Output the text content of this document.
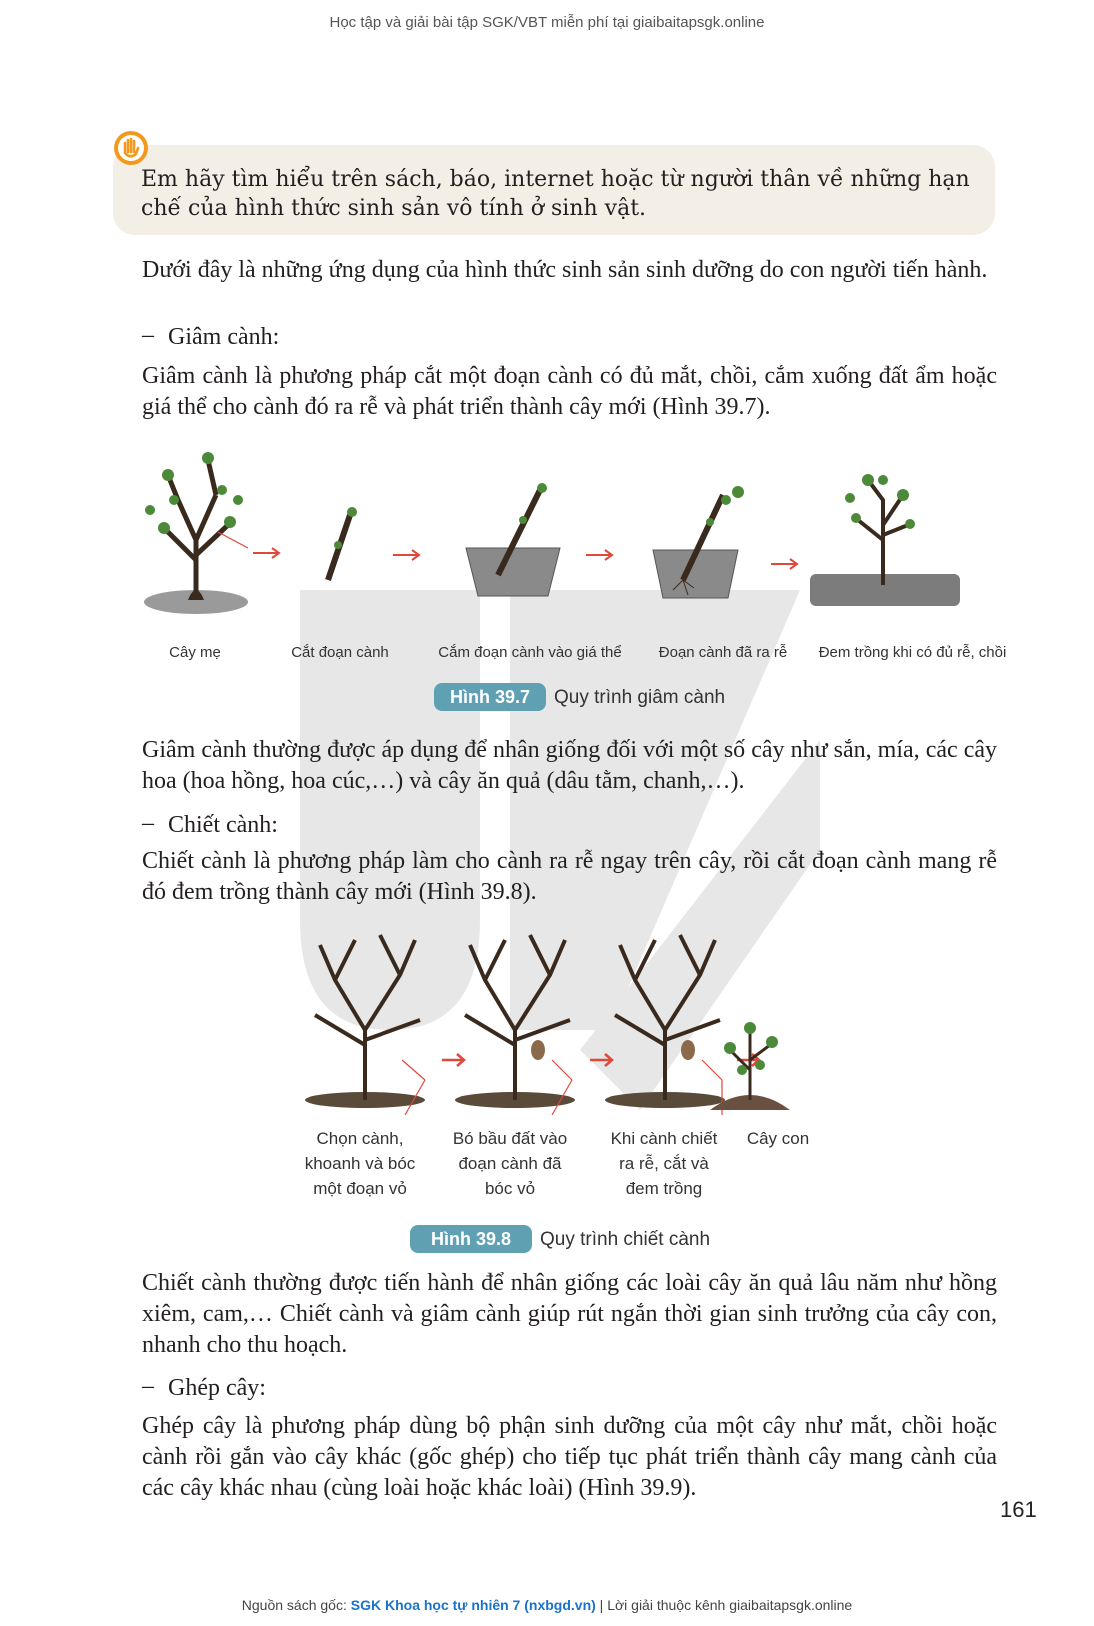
Học tập và giải bài tập SGK/VBT miễn phí tại giaibaitapsgk.online
Em hãy tìm hiểu trên sách, báo, internet hoặc từ người thân về những hạn chế của hình thức sinh sản vô tính ở sinh vật.
Dưới đây là những ứng dụng của hình thức sinh sản sinh dưỡng do con người tiến hành.
– Giâm cành:
Giâm cành là phương pháp cắt một đoạn cành có đủ mắt, chồi, cắm xuống đất ẩm hoặc giá thể cho cành đó ra rễ và phát triển thành cây mới (Hình 39.7).
Cây mẹ	Cắt đoạn cành	Cắm đoạn cành vào giá thể	Đoạn cành đã ra rễ	Đem trồng khi có đủ rễ, chồi
Hình 39.7	Quy trình giâm cành
Giâm cành thường được áp dụng để nhân giống đối với một số cây như sắn, mía, các cây hoa (hoa hồng, hoa cúc,…) và cây ăn quả (dâu tằm, chanh,…).
– Chiết cành:
Chiết cành là phương pháp làm cho cành ra rễ ngay trên cây, rồi cắt đoạn cành mang rễ đó đem trồng thành cây mới (Hình 39.8).
Chọn cành,
khoanh và bóc
một đoạn vỏ
Bó bầu đất vào
đoạn cành đã
bóc vỏ
Khi cành chiết
ra rễ, cắt và
đem trồng
Cây con
Hình 39.8	Quy trình chiết cành
Chiết cành thường được tiến hành để nhân giống các loài cây ăn quả lâu năm như hồng xiêm, cam,… Chiết cành và giâm cành giúp rút ngắn thời gian sinh trưởng của cây con, nhanh cho thu hoạch.
– Ghép cây:
Ghép cây là phương pháp dùng bộ phận sinh dưỡng của một cây như mắt, chồi hoặc cành rồi gắn vào cây khác (gốc ghép) cho tiếp tục phát triển thành cây mang cành của các cây khác nhau (cùng loài hoặc khác loài) (Hình 39.9).
161
Nguồn sách gốc: SGK Khoa học tự nhiên 7 (nxbgd.vn) | Lời giải thuộc kênh giaibaitapsgk.online
